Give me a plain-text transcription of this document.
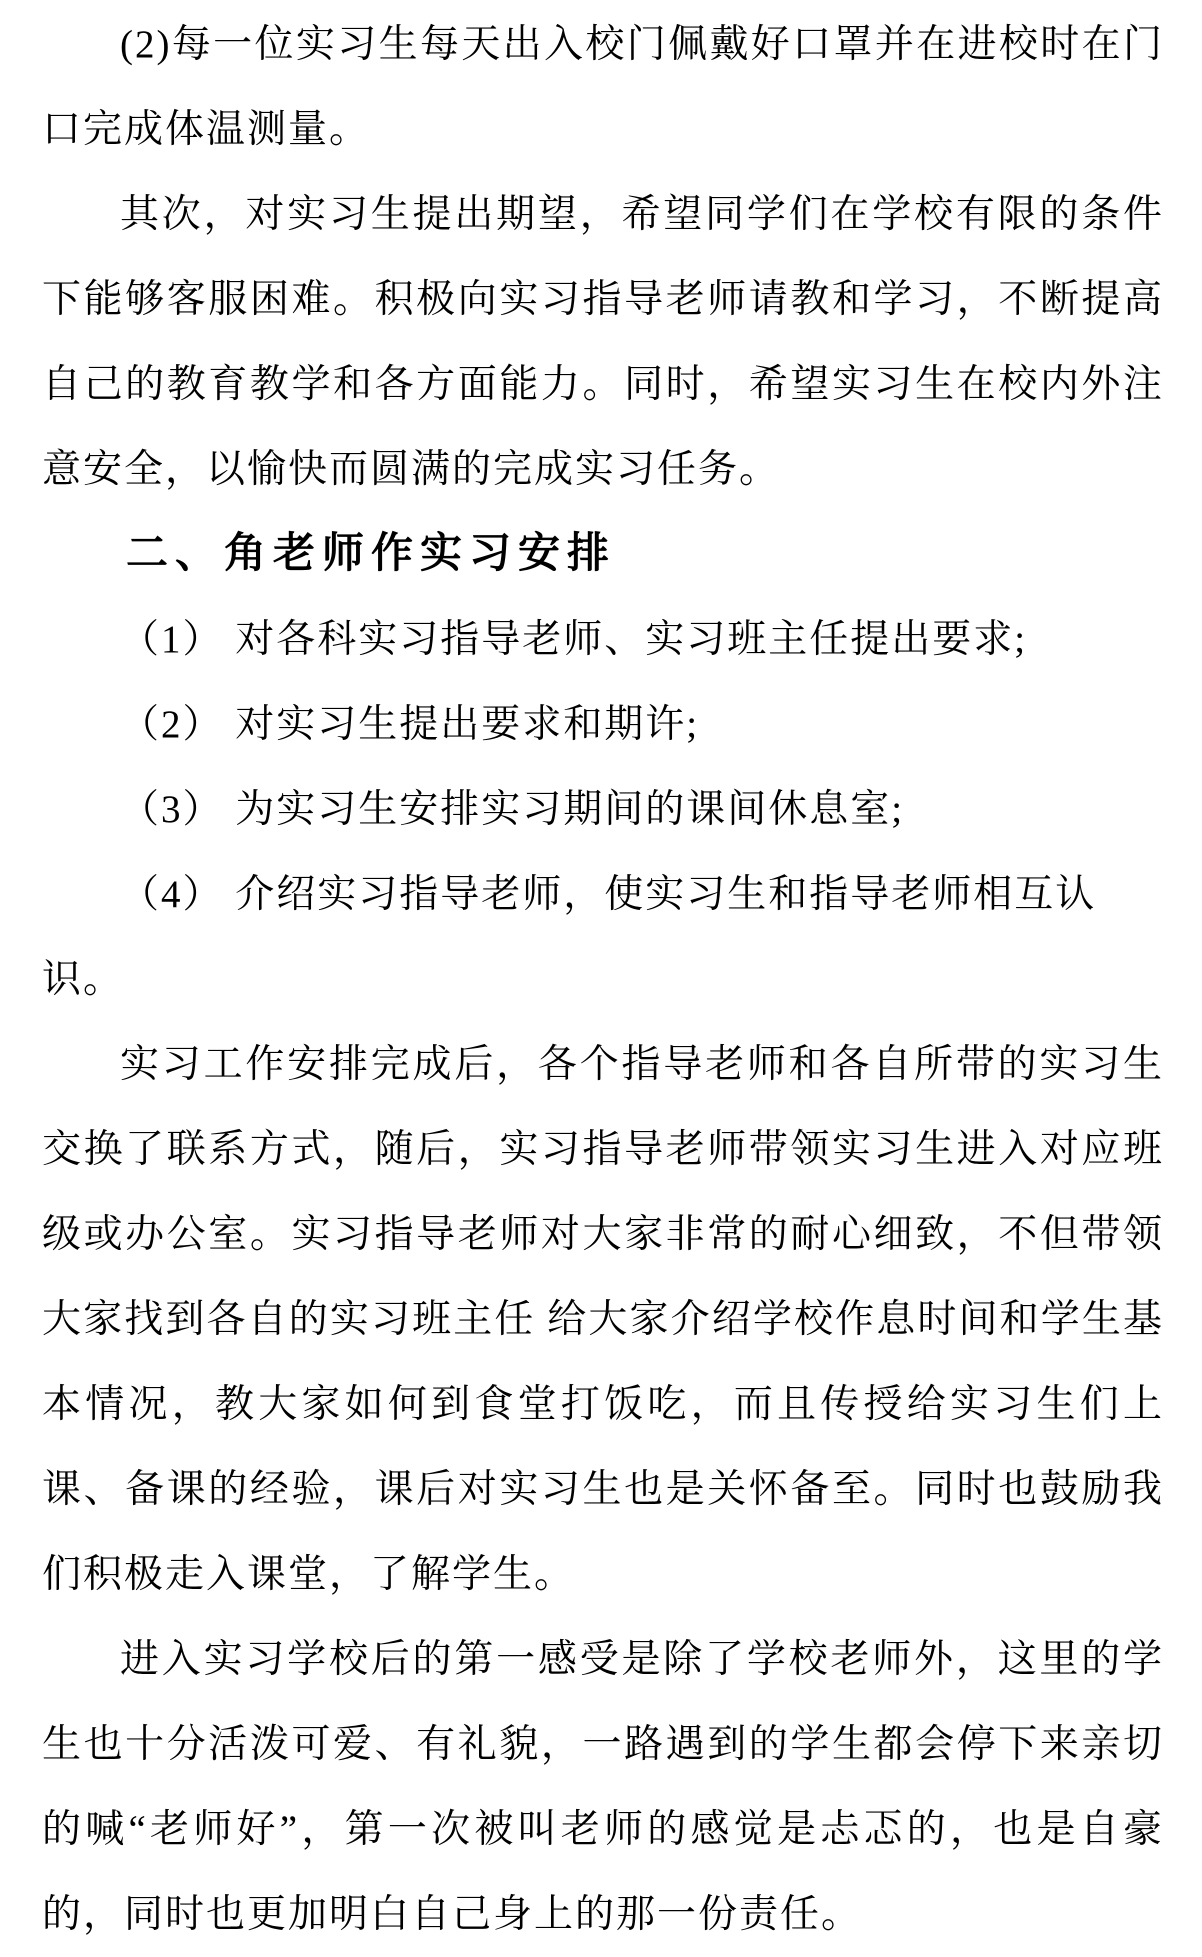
(2)每一位实习生每天出入校门佩戴好口罩并在进校时在门口完成体温测量。

其次，对实习生提出期望，希望同学们在学校有限的条件下能够客服困难。积极向实习指导老师请教和学习，不断提高自己的教育教学和各方面能力。同时，希望实习生在校内外注意安全，以愉快而圆满的完成实习任务。

二、角老师作实习安排

（1） 对各科实习指导老师、实习班主任提出要求;

（2） 对实习生提出要求和期许;

（3） 为实习生安排实习期间的课间休息室;

（4） 介绍实习指导老师，使实习生和指导老师相互认识。

实习工作安排完成后，各个指导老师和各自所带的实习生交换了联系方式，随后，实习指导老师带领实习生进入对应班级或办公室。实习指导老师对大家非常的耐心细致，不但带领大家找到各自的实习班主任 给大家介绍学校作息时间和学生基本情况，教大家如何到食堂打饭吃，而且传授给实习生们上课、备课的经验，课后对实习生也是关怀备至。同时也鼓励我们积极走入课堂，了解学生。

进入实习学校后的第一感受是除了学校老师外，这里的学生也十分活泼可爱、有礼貌，一路遇到的学生都会停下来亲切的喊“老师好”，第一次被叫老师的感觉是忐忑的，也是自豪的，同时也更加明白自己身上的那一份责任。
